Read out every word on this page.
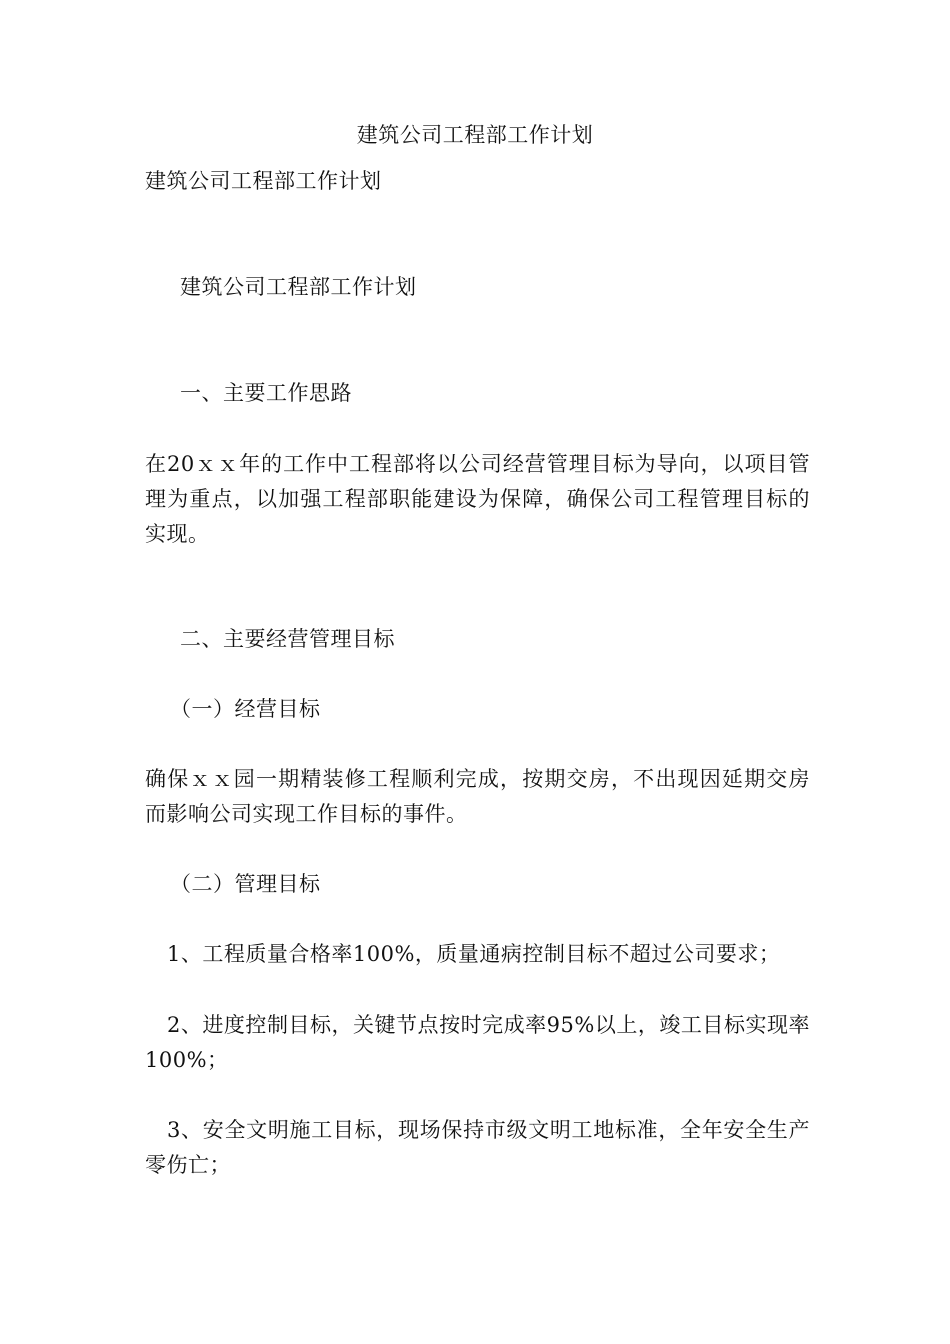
建筑公司工程部工作计划
建筑公司工程部工作计划
建筑公司工程部工作计划
一、主要工作思路
在20ｘｘ年的工作中工程部将以公司经营管理目标为导向，以项目管理为重点，以加强工程部职能建设为保障，确保公司工程管理目标的实现。
二、主要经营管理目标
（一）经营目标
确保ｘｘ园一期精装修工程顺利完成，按期交房，不出现因延期交房而影响公司实现工作目标的事件。
（二）管理目标
1、工程质量合格率100%，质量通病控制目标不超过公司要求；
2、进度控制目标，关键节点按时完成率95%以上，竣工目标实现率100%；
3、安全文明施工目标，现场保持市级文明工地标准，全年安全生产零伤亡；
